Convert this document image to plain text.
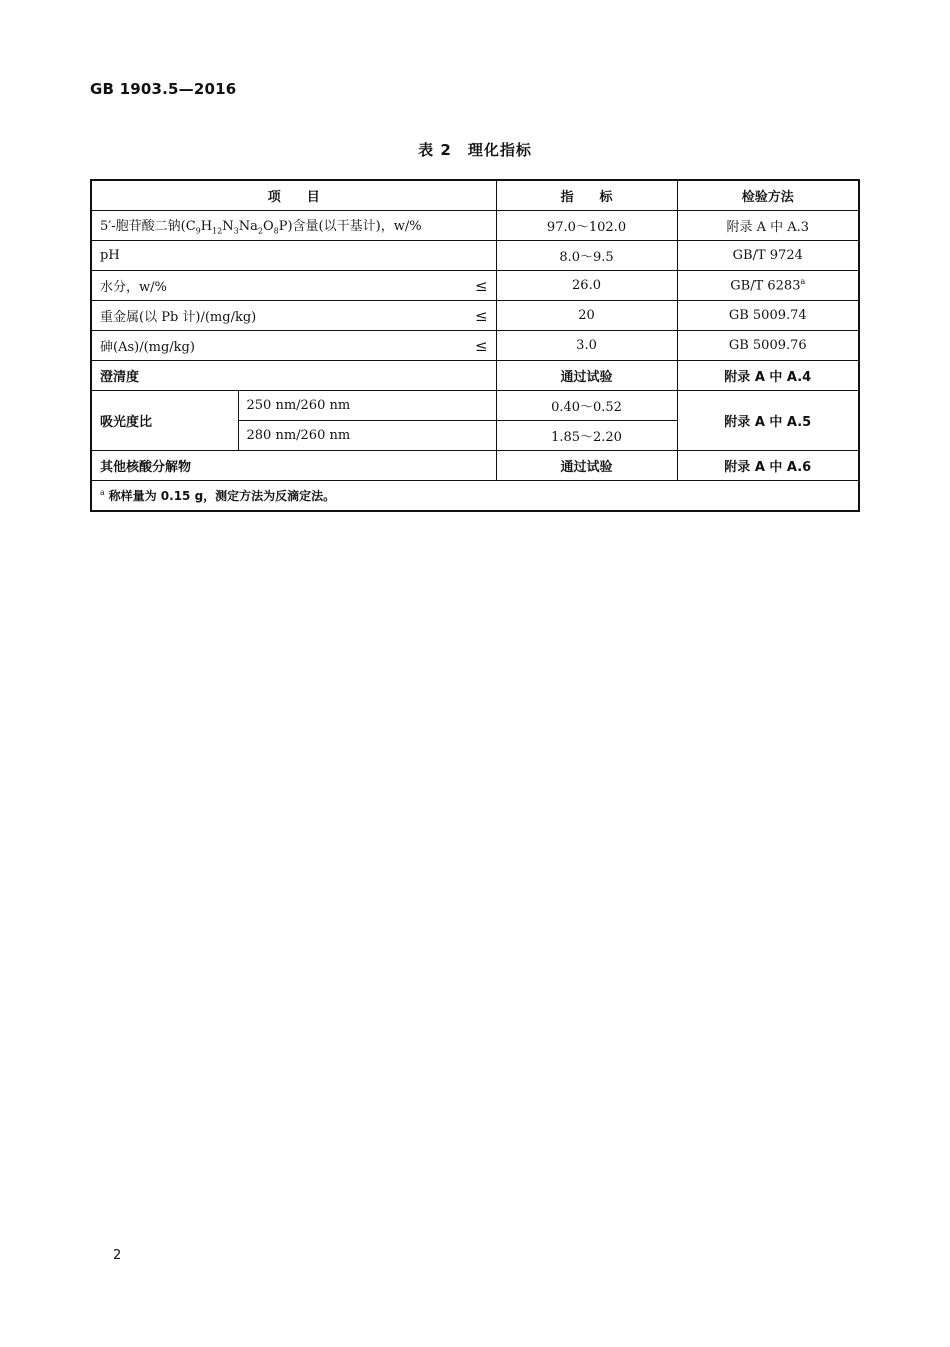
GB 1903.5—2016
表 2　理化指标
项　　目		指　　标	检验方法
5′-胞苷酸二钠$(C_9H_{12}N_3Na_2O_8P)$含量(以干基计)，w/%		97.0～102.0	附录 A 中 A.3
pH		8.0～9.5	GB/T 9724

水分，w/% ≤		26.0	GB/T 6283$^a$

重金属(以 Pb 计)/(mg/kg) ≤		20	GB 5009.74

砷(As)/(mg/kg) ≤		3.0	GB 5009.76
澄清度		通过试验	附录 A 中 A.4
吸光度比	250 nm/260 nm	0.40～0.52	附录 A 中 A.5
	280 nm/260 nm	1.85～2.20	
其他核酸分解物		通过试验	附录 A 中 A.6
$^a$ 称样量为 0.15 g，测定方法为反滴定法。			
2
